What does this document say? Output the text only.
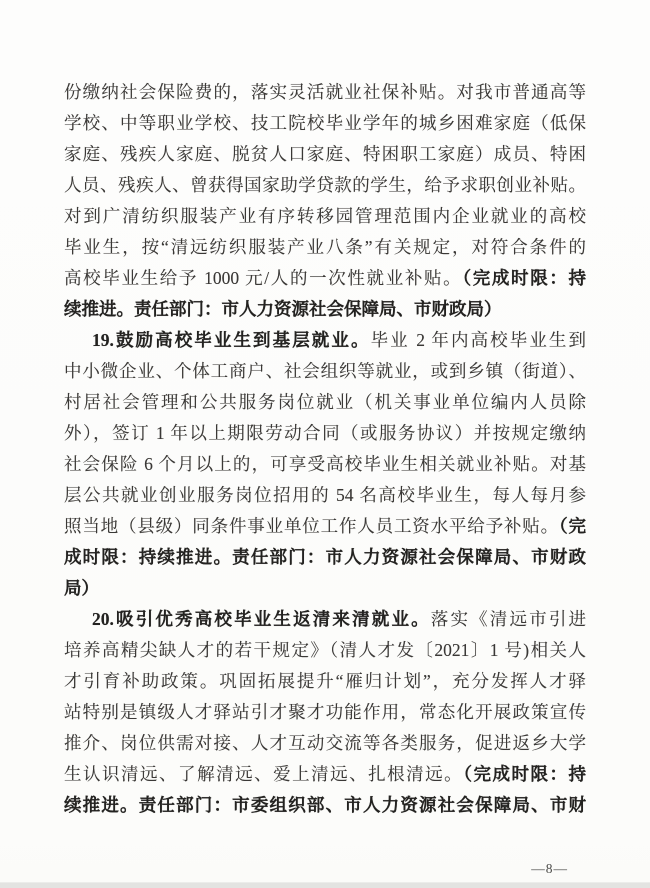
份缴纳社会保险费的，落实灵活就业社保补贴。对我市普通高等
学校、中等职业学校、技工院校毕业学年的城乡困难家庭（低保
家庭、残疾人家庭、脱贫人口家庭、特困职工家庭）成员、特困
人员、残疾人、曾获得国家助学贷款的学生，给予求职创业补贴。
对到广清纺织服装产业有序转移园管理范围内企业就业的高校
毕业生，按“清远纺织服装产业八条”有关规定，对符合条件的
高校毕业生给予 1000 元/人的一次性就业补贴。（完成时限：持
续推进。责任部门：市人力资源社会保障局、市财政局）
19.鼓励高校毕业生到基层就业。毕业 2 年内高校毕业生到
中小微企业、个体工商户、社会组织等就业，或到乡镇（街道）、
村居社会管理和公共服务岗位就业（机关事业单位编内人员除
外），签订 1 年以上期限劳动合同（或服务协议）并按规定缴纳
社会保险 6 个月以上的，可享受高校毕业生相关就业补贴。对基
层公共就业创业服务岗位招用的 54 名高校毕业生，每人每月参
照当地（县级）同条件事业单位工作人员工资水平给予补贴。（完
成时限：持续推进。责任部门：市人力资源社会保障局、市财政
局）
20.吸引优秀高校毕业生返清来清就业。落实《清远市引进
培养高精尖缺人才的若干规定》（清人才发〔2021〕1 号)相关人
才引育补助政策。巩固拓展提升“雁归计划”，充分发挥人才驿
站特别是镇级人才驿站引才聚才功能作用，常态化开展政策宣传
推介、岗位供需对接、人才互动交流等各类服务，促进返乡大学
生认识清远、了解清远、爱上清远、扎根清远。（完成时限：持
续推进。责任部门：市委组织部、市人力资源社会保障局、市财
—8—
